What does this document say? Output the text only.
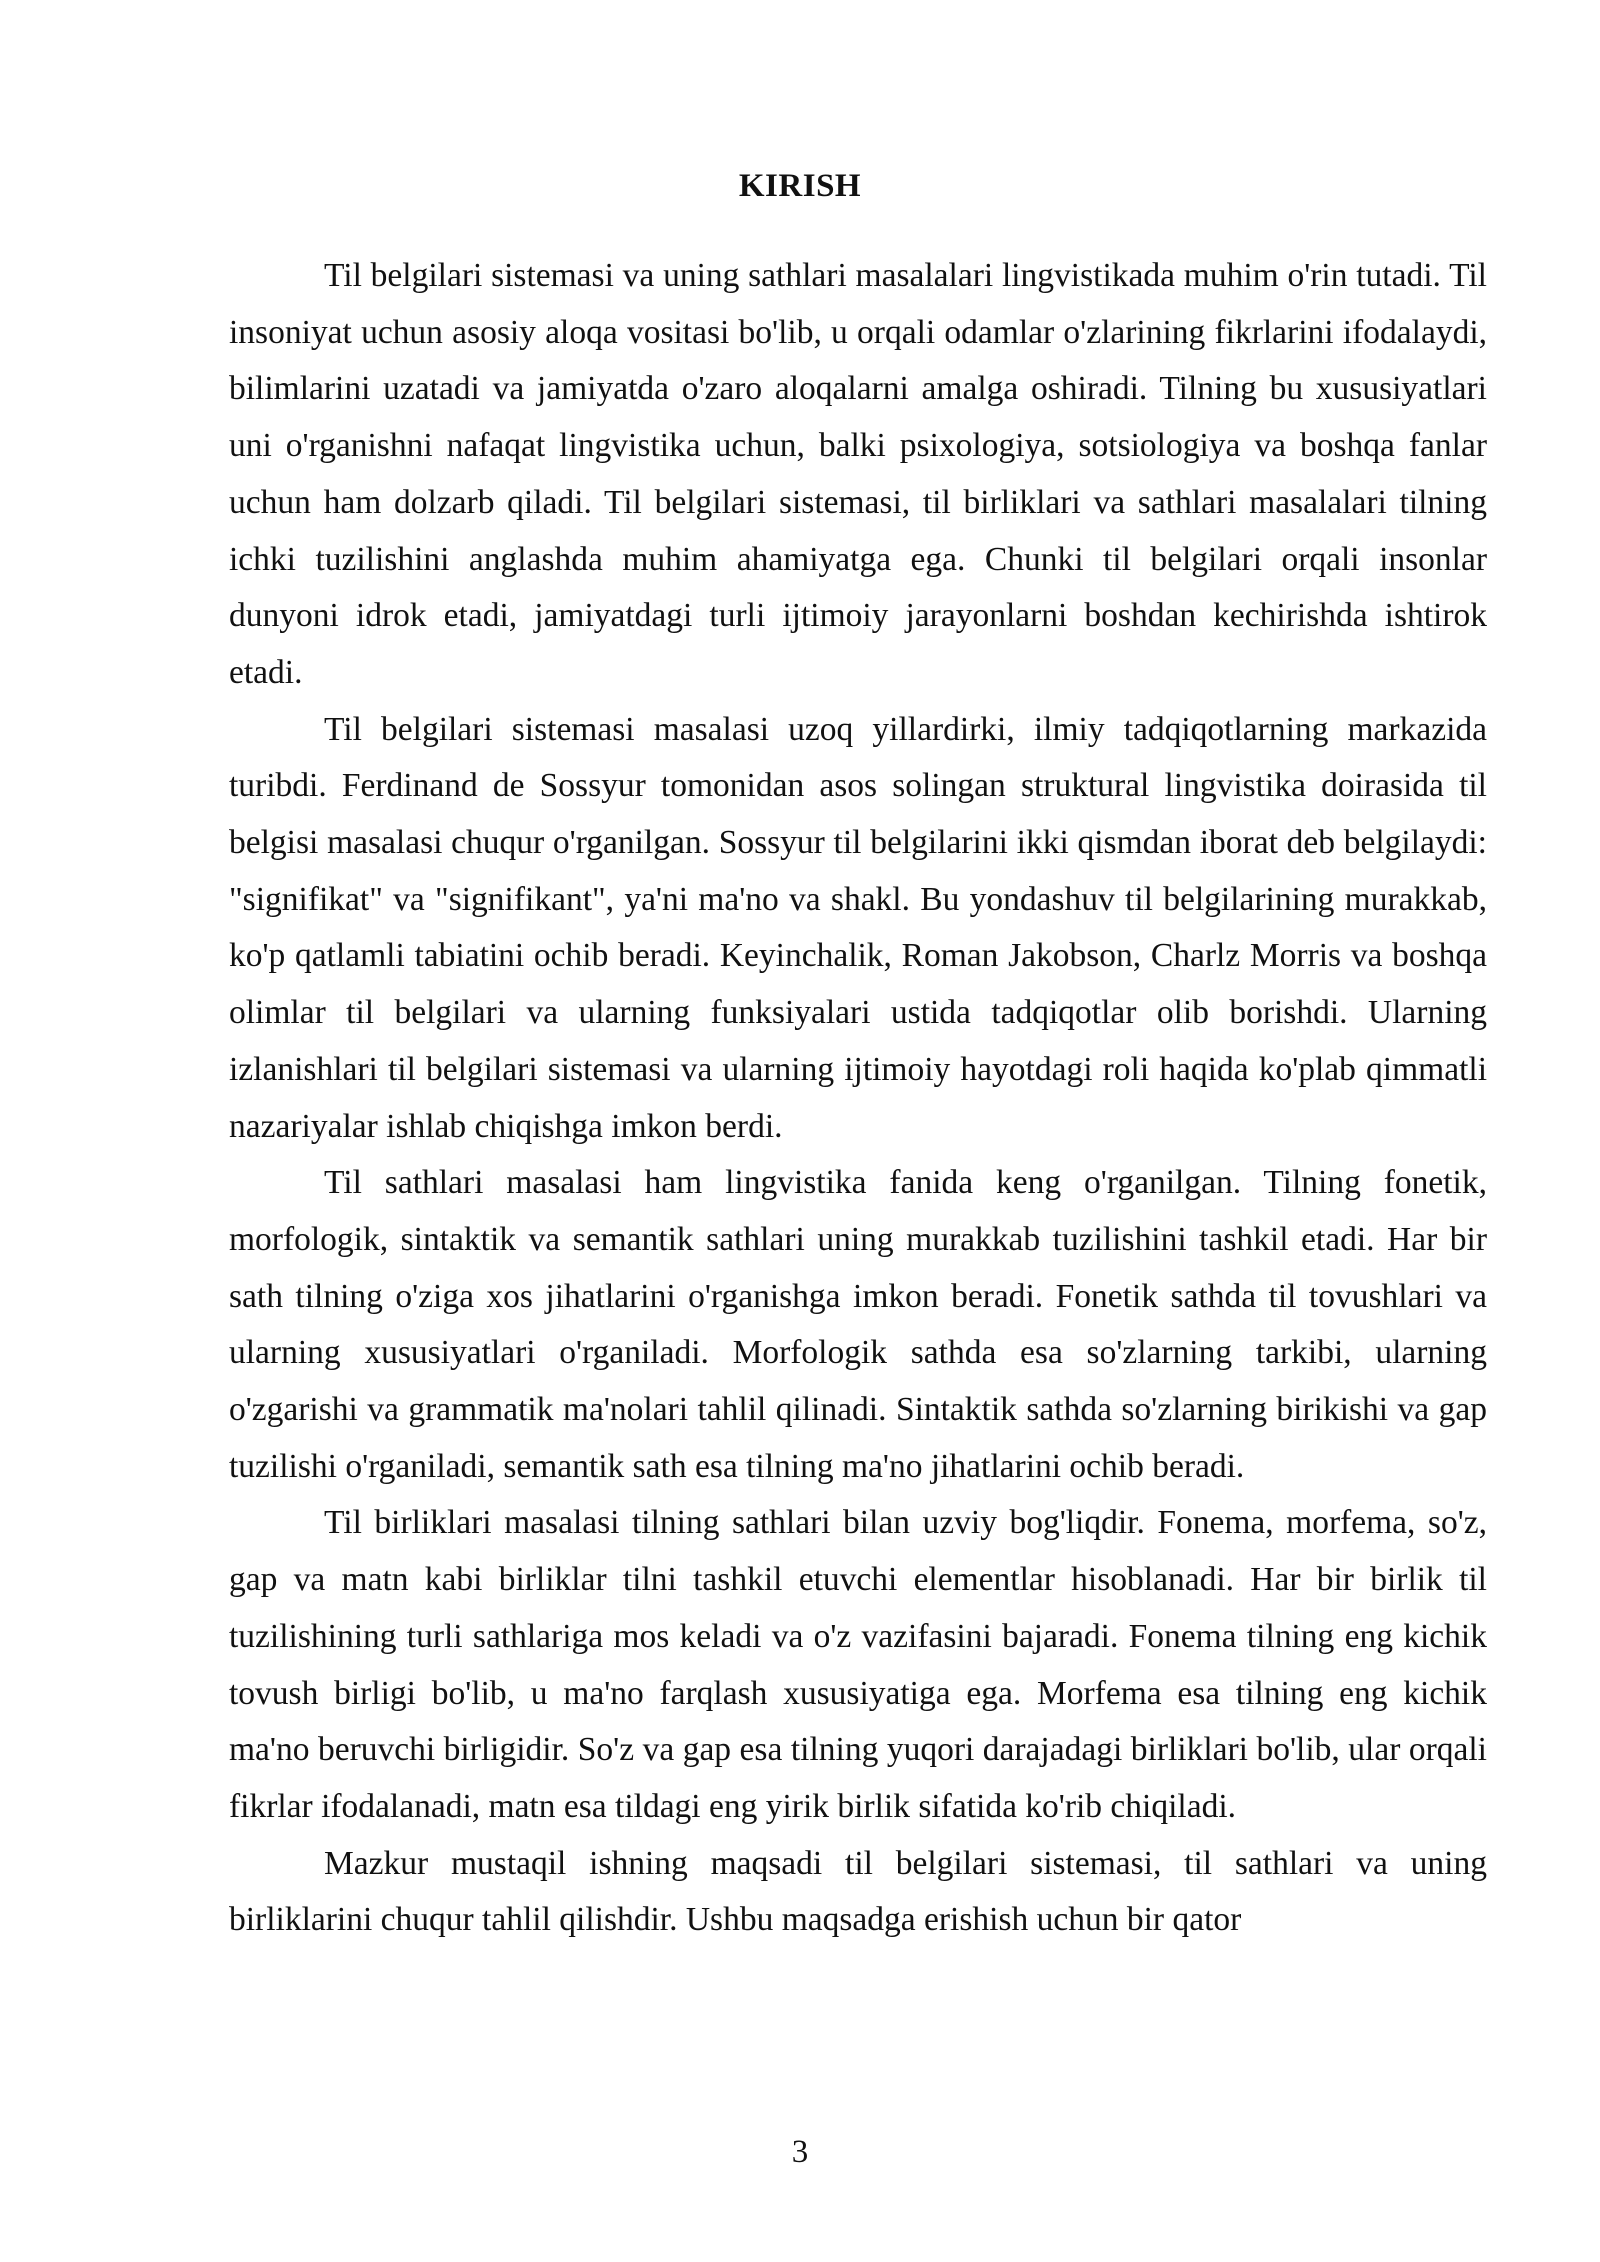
KIRISH

Til belgilari sistemasi va uning sathlari masalalari lingvistikada muhim o'rin tutadi. Til insoniyat uchun asosiy aloqa vositasi bo'lib, u orqali odamlar o'zlarining fikrlarini ifodalaydi, bilimlarini uzatadi va jamiyatda o'zaro aloqalarni amalga oshiradi. Tilning bu xususiyatlari uni o'rganishni nafaqat lingvistika uchun, balki psixologiya, sotsiologiya va boshqa fanlar uchun ham dolzarb qiladi. Til belgilari sistemasi, til birliklari va sathlari masalalari tilning ichki tuzilishini anglashda muhim ahamiyatga ega. Chunki til belgilari orqali insonlar dunyoni idrok etadi, jamiyatdagi turli ijtimoiy jarayonlarni boshdan kechirishda ishtirok etadi.

Til belgilari sistemasi masalasi uzoq yillardirki, ilmiy tadqiqotlarning markazida turibdi. Ferdinand de Sossyur tomonidan asos solingan struktural lingvistika doirasida til belgisi masalasi chuqur o'rganilgan. Sossyur til belgilarini ikki qismdan iborat deb belgilaydi: "signifikat" va "signifikant", ya'ni ma'no va shakl. Bu yondashuv til belgilarining murakkab, ko'p qatlamli tabiatini ochib beradi. Keyinchalik, Roman Jakobson, Charlz Morris va boshqa olimlar til belgilari va ularning funksiyalari ustida tadqiqotlar olib borishdi. Ularning izlanishlari til belgilari sistemasi va ularning ijtimoiy hayotdagi roli haqida ko'plab qimmatli nazariyalar ishlab chiqishga imkon berdi.

Til sathlari masalasi ham lingvistika fanida keng o'rganilgan. Tilning fonetik, morfologik, sintaktik va semantik sathlari uning murakkab tuzilishini tashkil etadi. Har bir sath tilning o'ziga xos jihatlarini o'rganishga imkon beradi. Fonetik sathda til tovushlari va ularning xususiyatlari o'rganiladi. Morfologik sathda esa so'zlarning tarkibi, ularning o'zgarishi va grammatik ma'nolari tahlil qilinadi. Sintaktik sathda so'zlarning birikishi va gap tuzilishi o'rganiladi, semantik sath esa tilning ma'no jihatlarini ochib beradi.

Til birliklari masalasi tilning sathlari bilan uzviy bog'liqdir. Fonema, morfema, so'z, gap va matn kabi birliklar tilni tashkil etuvchi elementlar hisoblanadi. Har bir birlik til tuzilishining turli sathlariga mos keladi va o'z vazifasini bajaradi. Fonema tilning eng kichik tovush birligi bo'lib, u ma'no farqlash xususiyatiga ega. Morfema esa tilning eng kichik ma'no beruvchi birligidir. So'z va gap esa tilning yuqori darajadagi birliklari bo'lib, ular orqali fikrlar ifodalanadi, matn esa tildagi eng yirik birlik sifatida ko'rib chiqiladi.

Mazkur mustaqil ishning maqsadi til belgilari sistemasi, til sathlari va uning birliklarini chuqur tahlil qilishdir. Ushbu maqsadga erishish uchun bir qator

3
